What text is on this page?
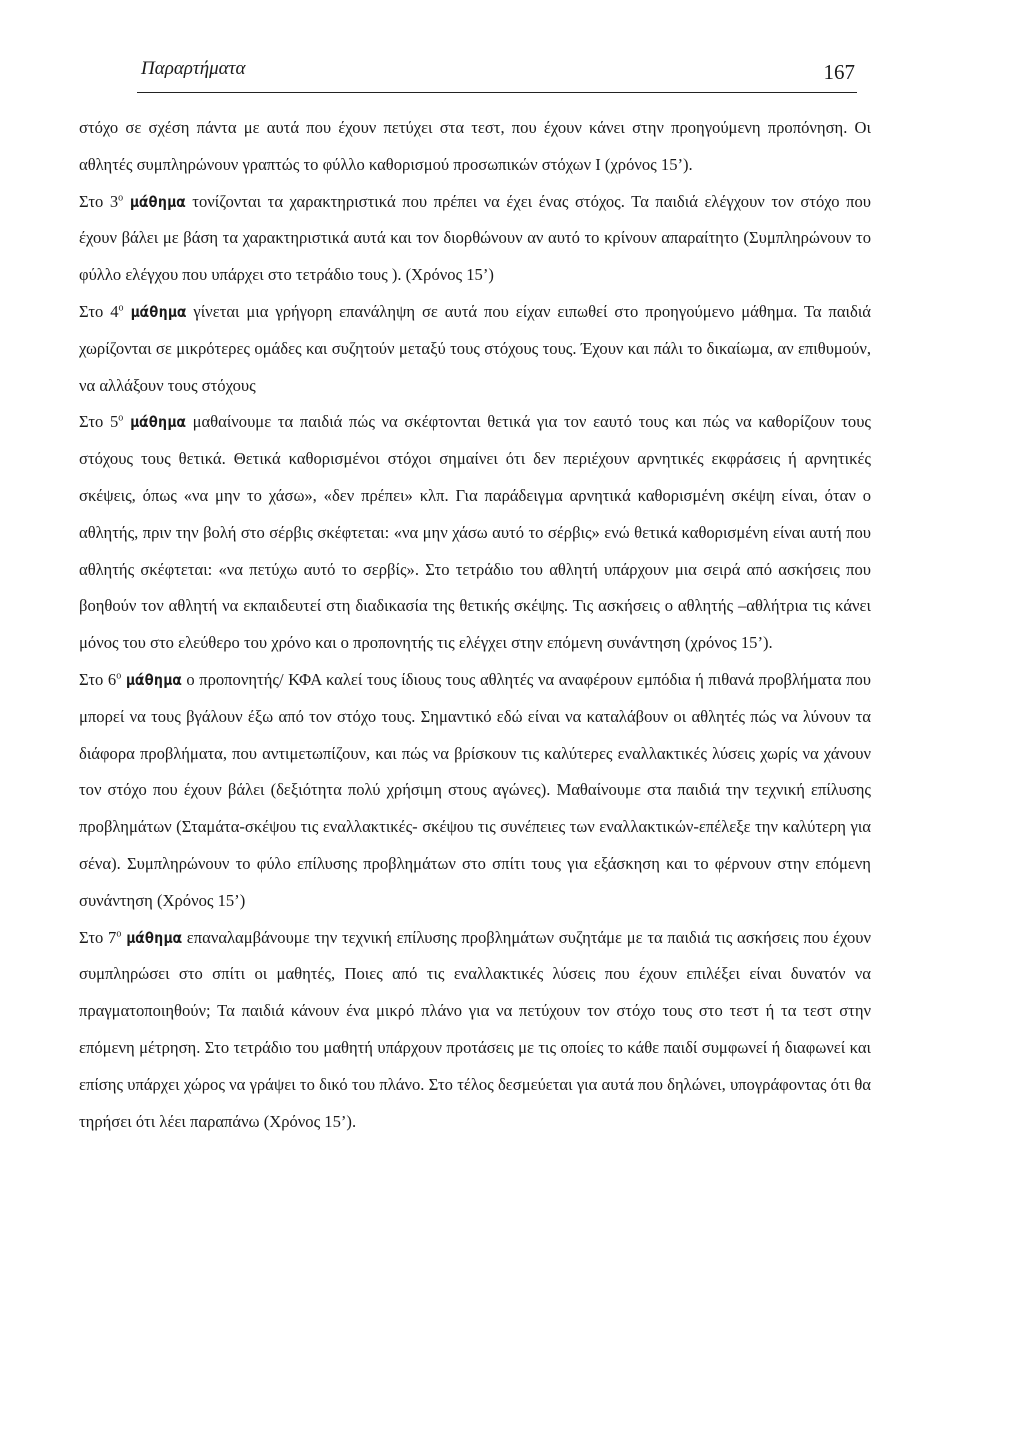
Παραρτήματα	167

στόχο σε σχέση πάντα με αυτά που έχουν πετύχει στα τεστ, που έχουν κάνει στην προηγούμενη προπόνηση. Οι αθλητές συμπληρώνουν γραπτώς το φύλλο καθορισμού προσωπικών στόχων Ι (χρόνος 15’).

Στο $3^o$ μάθημα τονίζονται τα χαρακτηριστικά που πρέπει να έχει ένας στόχος. Τα παιδιά ελέγχουν τον στόχο που έχουν βάλει με βάση τα χαρακτηριστικά αυτά και τον διορθώνουν αν αυτό το κρίνουν απαραίτητο (Συμπληρώνουν το φύλλο ελέγχου που υπάρχει στο τετράδιο τους ). (Χρόνος 15’)

Στο $4^o$ μάθημα γίνεται μια γρήγορη επανάληψη σε αυτά που είχαν ειπωθεί στο προηγούμενο μάθημα. Τα παιδιά χωρίζονται σε μικρότερες ομάδες και συζητούν μεταξύ τους στόχους τους. Έχουν και πάλι το δικαίωμα, αν επιθυμούν, να αλλάξουν τους στόχους

Στο $5^o$ μάθημα μαθαίνουμε τα παιδιά πώς να σκέφτονται θετικά για τον εαυτό τους και πώς να καθορίζουν τους στόχους τους θετικά. Θετικά καθορισμένοι στόχοι σημαίνει ότι δεν περιέχουν αρνητικές εκφράσεις ή αρνητικές σκέψεις, όπως «να μην το χάσω», «δεν πρέπει» κλπ. Για παράδειγμα αρνητικά καθορισμένη σκέψη είναι, όταν ο αθλητής, πριν την βολή στο σέρβις σκέφτεται: «να μην χάσω αυτό το σέρβις» ενώ θετικά καθορισμένη είναι αυτή που αθλητής σκέφτεται: «να πετύχω αυτό το σερβίς». Στο τετράδιο του αθλητή υπάρχουν μια σειρά από ασκήσεις που βοηθούν τον αθλητή να εκπαιδευτεί στη διαδικασία της θετικής σκέψης. Τις ασκήσεις ο αθλητής –αθλήτρια τις κάνει μόνος του στο ελεύθερο του χρόνο και ο προπονητής τις ελέγχει στην επόμενη συνάντηση (χρόνος 15’).

Στο $6^o$ μάθημα ο προπονητής/ ΚΦΑ καλεί τους ίδιους τους αθλητές να αναφέρουν εμπόδια ή πιθανά προβλήματα που μπορεί να τους βγάλουν έξω από τον στόχο τους. Σημαντικό εδώ είναι να καταλάβουν οι αθλητές πώς να λύνουν τα διάφορα προβλήματα, που αντιμετωπίζουν, και πώς να βρίσκουν τις καλύτερες εναλλακτικές λύσεις χωρίς να χάνουν τον στόχο που έχουν βάλει (δεξιότητα πολύ χρήσιμη στους αγώνες). Μαθαίνουμε στα παιδιά την τεχνική επίλυσης προβλημάτων (Σταμάτα-σκέψου τις εναλλακτικές- σκέψου τις συνέπειες των εναλλακτικών-επέλεξε την καλύτερη για σένα). Συμπληρώνουν το φύλο επίλυσης προβλημάτων στο σπίτι τους για εξάσκηση και το φέρνουν στην επόμενη συνάντηση (Χρόνος 15’)

Στο $7^o$ μάθημα επαναλαμβάνουμε την τεχνική επίλυσης προβλημάτων συζητάμε με τα παιδιά τις ασκήσεις που έχουν συμπληρώσει στο σπίτι οι μαθητές, Ποιες από τις εναλλακτικές λύσεις που έχουν επιλέξει είναι δυνατόν να πραγματοποιηθούν; Τα παιδιά κάνουν ένα μικρό πλάνο για να πετύχουν τον στόχο τους στο τεστ ή τα τεστ στην επόμενη μέτρηση. Στο τετράδιο του μαθητή υπάρχουν προτάσεις με τις οποίες το κάθε παιδί συμφωνεί ή διαφωνεί και επίσης υπάρχει χώρος να γράψει το δικό του πλάνο. Στο τέλος δεσμεύεται για αυτά που δηλώνει, υπογράφοντας ότι θα τηρήσει ότι λέει παραπάνω (Χρόνος 15’).
